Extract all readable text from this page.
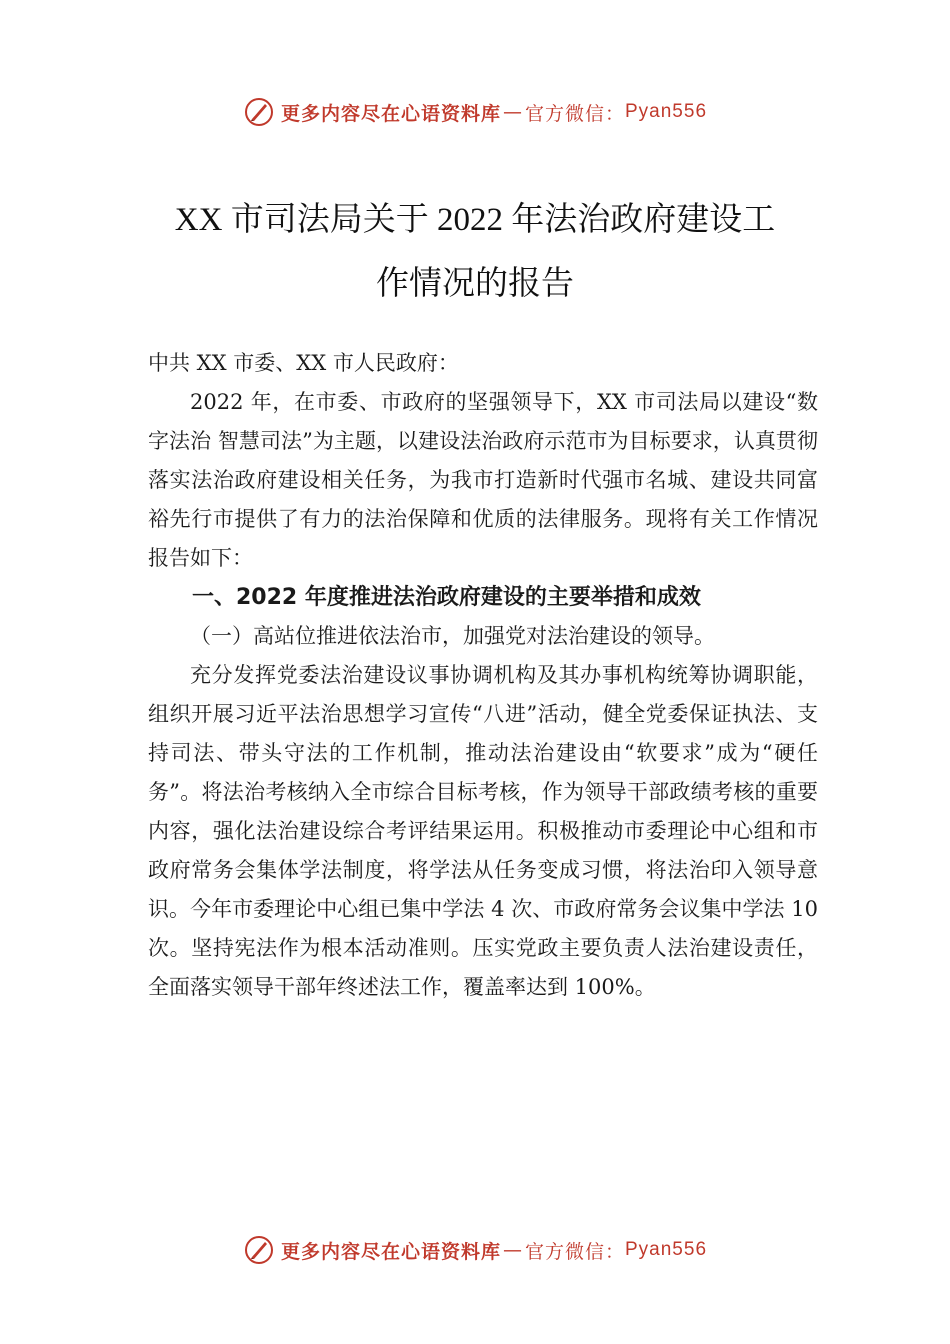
更多内容尽在心语资料库 — 官方微信： Pyan556
XX 市司法局关于 2022 年法治政府建设工
作情况的报告

中共 XX 市委、XX 市人民政府：

2022 年，在市委、市政府的坚强领导下，XX 市司法局以建设“数字法治 智慧司法”为主题，以建设法治政府示范市为目标要求，认真贯彻落实法治政府建设相关任务，为我市打造新时代强市名城、建设共同富裕先行市提供了有力的法治保障和优质的法律服务。现将有关工作情况报告如下：

一、2022 年度推进法治政府建设的主要举措和成效

（一）高站位推进依法治市，加强党对法治建设的领导。

充分发挥党委法治建设议事协调机构及其办事机构统筹协调职能，组织开展习近平法治思想学习宣传“八进”活动，健全党委保证执法、支持司法、带头守法的工作机制，推动法治建设由“软要求”成为“硬任务”。将法治考核纳入全市综合目标考核，作为领导干部政绩考核的重要内容，强化法治建设综合考评结果运用。积极推动市委理论中心组和市政府常务会集体学法制度，将学法从任务变成习惯，将法治印入领导意识。今年市委理论中心组已集中学法 4 次、市政府常务会议集中学法 10 次。坚持宪法作为根本活动准则。压实党政主要负责人法治建设责任，全面落实领导干部年终述法工作，覆盖率达到 100%。

更多内容尽在心语资料库 — 官方微信： Pyan556
